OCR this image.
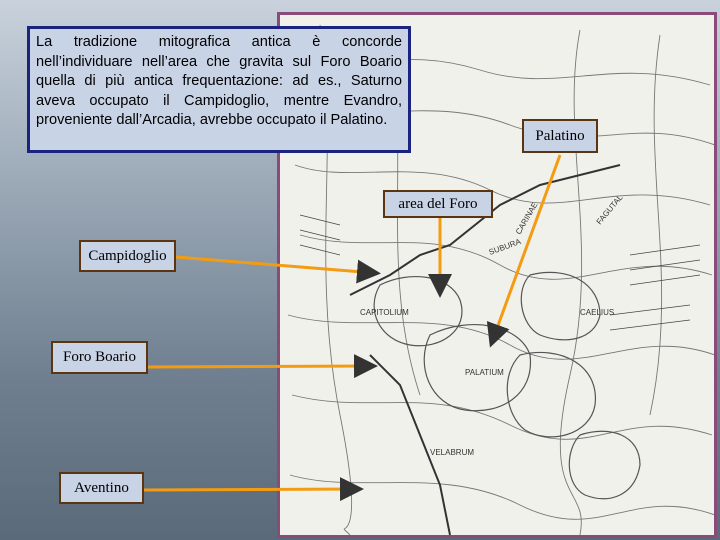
SUBURA
CAPITOLIUM
PALATIUM
VELABRUM
CAELIUS
CARINAE	FAGUTAL
La tradizione mitografica antica è concorde nell’individuare nell’area che gravita sul Foro Boario quella di più antica frequentazione: ad es., Saturno aveva occupato il Campidoglio, mentre Evandro, proveniente dall’Arcadia, avrebbe occupato il Palatino.
Palatino
area del Foro
Campidoglio
Foro Boario
Aventino
